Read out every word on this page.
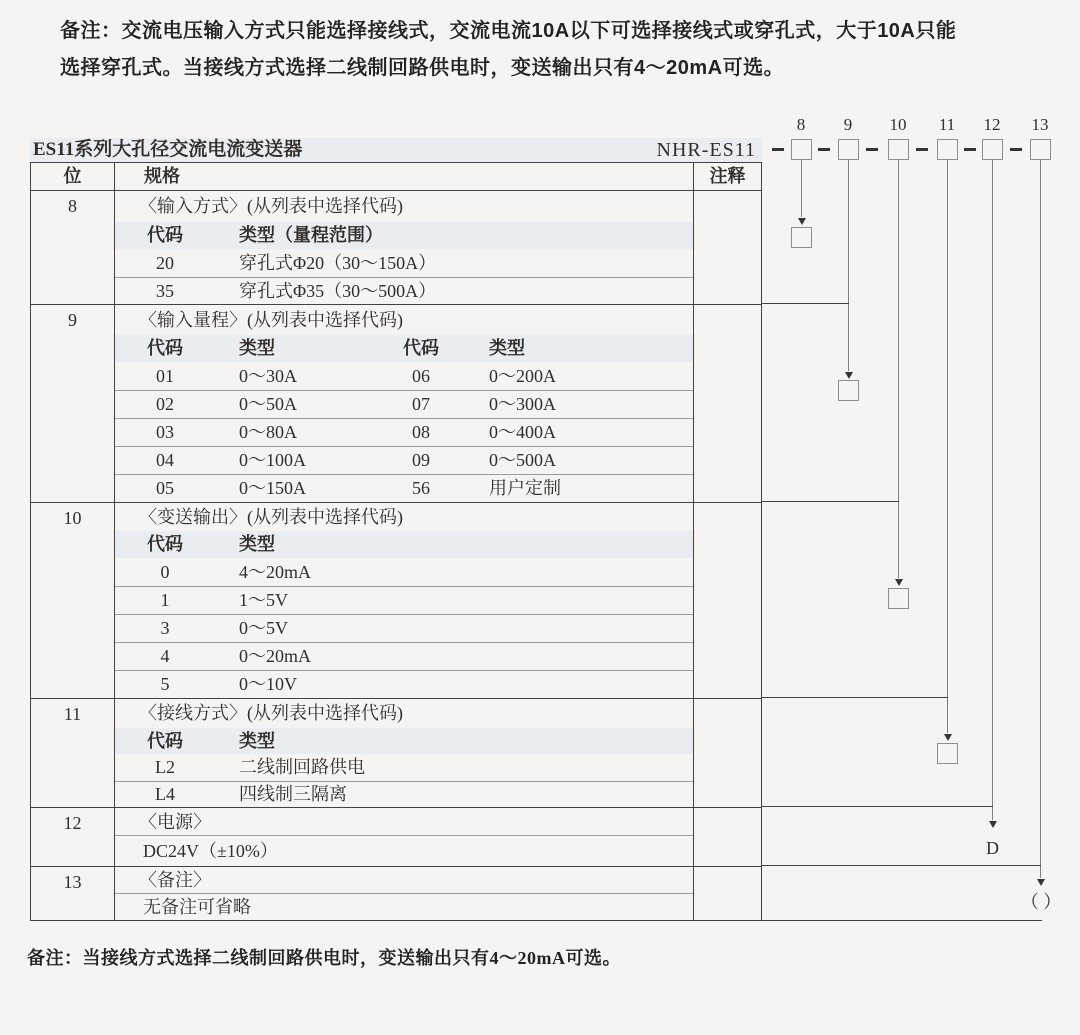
备注：交流电压输入方式只能选择接线式，交流电流10A以下可选择接线式或穿孔式，大于10A只能
选择穿孔式。当接线方式选择二线制回路供电时，变送输出只有4～20mA可选。
ES11系列大孔径交流电流变送器	NHR-ES11
位	规格	注释
8	〈输入方式〉(从列表中选择代码)
代码	类型（量程范围）
20	穿孔式Φ20（30～150A）
35	穿孔式Φ35（30～500A）
9	〈输入量程〉(从列表中选择代码)
代码	类型	代码	类型
01	0～30A	06	0～200A
02	0～50A	07	0～300A
03	0～80A	08	0～400A
04	0～100A	09	0～500A
05	0～150A	56	用户定制
10	〈变送输出〉(从列表中选择代码)
代码	类型
0	4～20mA
1	1～5V
3	0～5V
4	0～20mA
5	0～10V
11	〈接线方式〉(从列表中选择代码)
代码	类型
L2	二线制回路供电
L4	四线制三隔离
12	〈电源〉
DC24V（±10%）
13	〈备注〉
无备注可省略
8	9	10	11	12	13
D
（ ）
备注：当接线方式选择二线制回路供电时，变送输出只有4～20mA可选。
